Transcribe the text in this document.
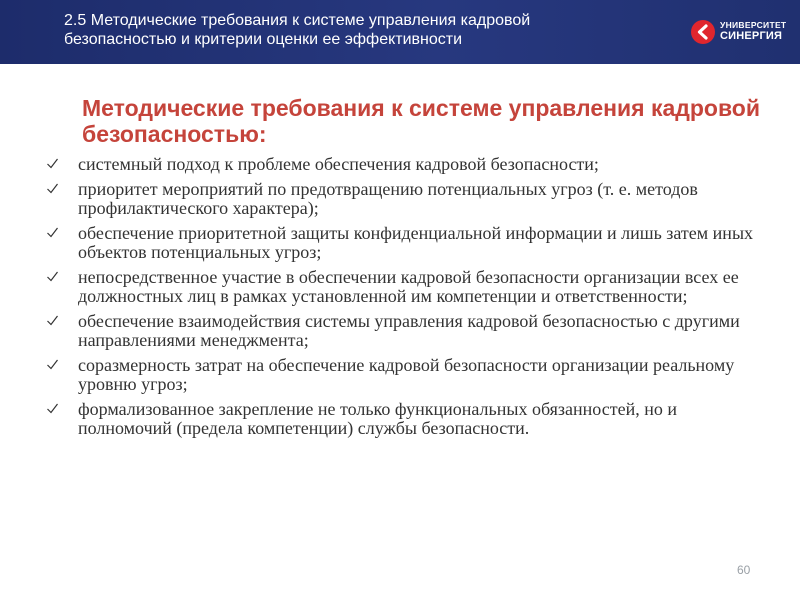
2.5 Методические требования к системе управления кадровой безопасностью и критерии оценки ее эффективности
УНИВЕРСИТЕТ
СИНЕРГИЯ
Методические требования к системе управления кадровой безопасностью:
системный подход к проблеме обеспечения кадровой безопасности;
приоритет мероприятий по предотвращению потенциальных угроз (т. е. методов профилактического характера);
обеспечение приоритетной защиты конфиденциальной информации и лишь затем иных объектов потенциальных угроз;
непосредственное участие в обеспечении кадровой безопасности организации всех ее должностных лиц в рамках установленной им компетенции и ответственности;
обеспечение взаимодействия системы управления кадровой безопасностью с другими направлениями менеджмента;
соразмерность затрат на обеспечение кадровой безопасности организации реальному уровню угроз;
формализованное закрепление не только функциональных обязанностей, но и полномочий (предела компетенции) службы безопасности.
60
